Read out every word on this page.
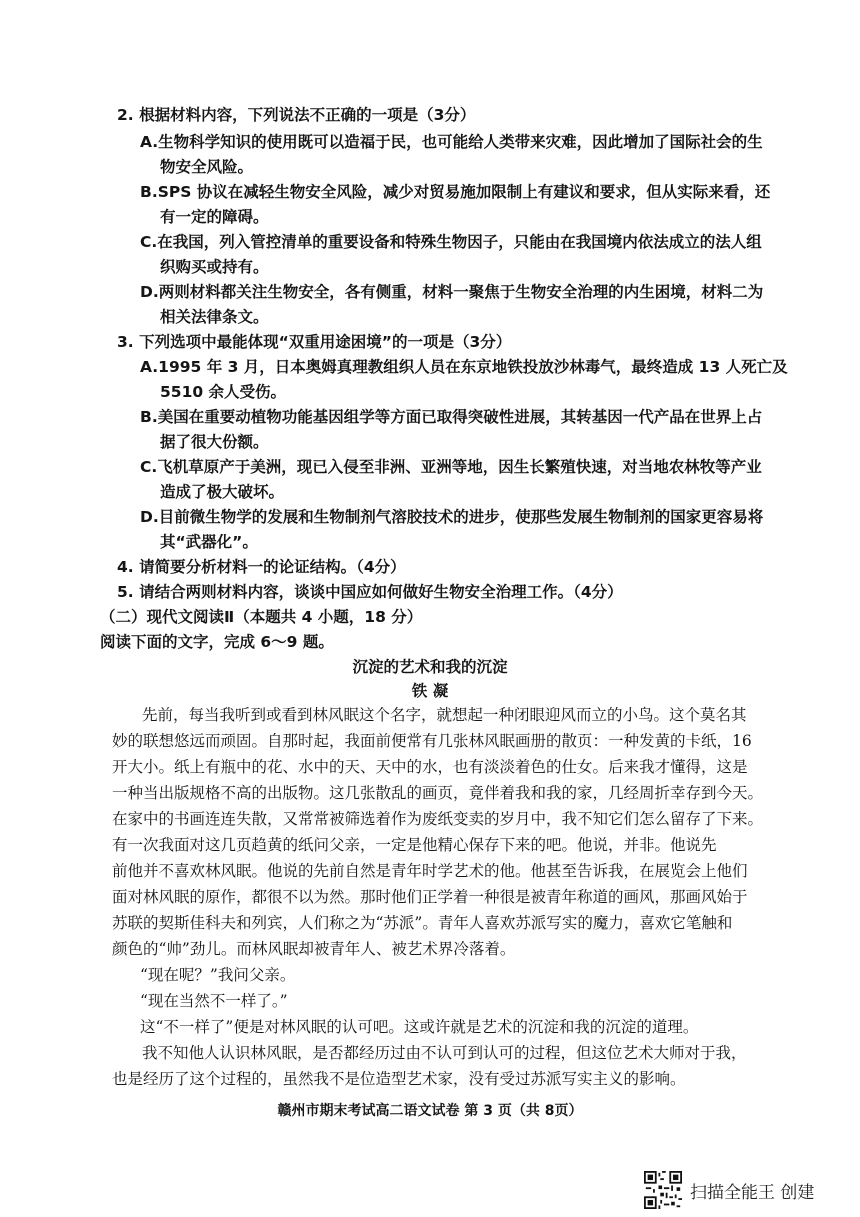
2. 根据材料内容，下列说法不正确的一项是（3分）
A.生物科学知识的使用既可以造福于民，也可能给人类带来灾难，因此增加了国际社会的生
物安全风险。
B.SPS 协议在减轻生物安全风险，减少对贸易施加限制上有建议和要求，但从实际来看，还
有一定的障碍。
C.在我国，列入管控清单的重要设备和特殊生物因子，只能由在我国境内依法成立的法人组
织购买或持有。
D.两则材料都关注生物安全，各有侧重，材料一聚焦于生物安全治理的内生困境，材料二为
相关法律条文。
3. 下列选项中最能体现“双重用途困境”的一项是（3分）
A.1995 年 3 月，日本奥姆真理教组织人员在东京地铁投放沙林毒气，最终造成 13 人死亡及
5510 余人受伤。
B.美国在重要动植物功能基因组学等方面已取得突破性进展，其转基因一代产品在世界上占
据了很大份额。
C.飞机草原产于美洲，现已入侵至非洲、亚洲等地，因生长繁殖快速，对当地农林牧等产业
造成了极大破坏。
D.目前微生物学的发展和生物制剂气溶胶技术的进步，使那些发展生物制剂的国家更容易将
其“武器化”。
4. 请简要分析材料一的论证结构。（4分）
5. 请结合两则材料内容，谈谈中国应如何做好生物安全治理工作。（4分）
（二）现代文阅读Ⅱ（本题共 4 小题，18 分）
阅读下面的文字，完成 6～9 题。
沉淀的艺术和我的沉淀
铁 凝
先前，每当我听到或看到林风眠这个名字，就想起一种闭眼迎风而立的小鸟。这个莫名其
妙的联想悠远而顽固。自那时起，我面前便常有几张林风眠画册的散页：一种发黄的卡纸，16
开大小。纸上有瓶中的花、水中的天、天中的水，也有淡淡着色的仕女。后来我才懂得，这是
一种当出版规格不高的出版物。这几张散乱的画页，竟伴着我和我的家，几经周折幸存到今天。
在家中的书画连连失散，又常常被筛选着作为废纸变卖的岁月中，我不知它们怎么留存了下来。
有一次我面对这几页趋黄的纸问父亲，一定是他精心保存下来的吧。他说，并非。他说先
前他并不喜欢林风眠。他说的先前自然是青年时学艺术的他。他甚至告诉我，在展览会上他们
面对林风眠的原作，都很不以为然。那时他们正学着一种很是被青年称道的画风，那画风始于
苏联的契斯佳科夫和列宾，人们称之为“苏派”。青年人喜欢苏派写实的魔力，喜欢它笔触和
颜色的“帅”劲儿。而林风眠却被青年人、被艺术界冷落着。
“现在呢？”我问父亲。
“现在当然不一样了。”
这“不一样了”便是对林风眠的认可吧。这或许就是艺术的沉淀和我的沉淀的道理。
我不知他人认识林风眠，是否都经历过由不认可到认可的过程，但这位艺术大师对于我，
也是经历了这个过程的，虽然我不是位造型艺术家，没有受过苏派写实主义的影响。
赣州市期末考试高二语文试卷 第 3 页（共 8页）
扫描全能王 创建
